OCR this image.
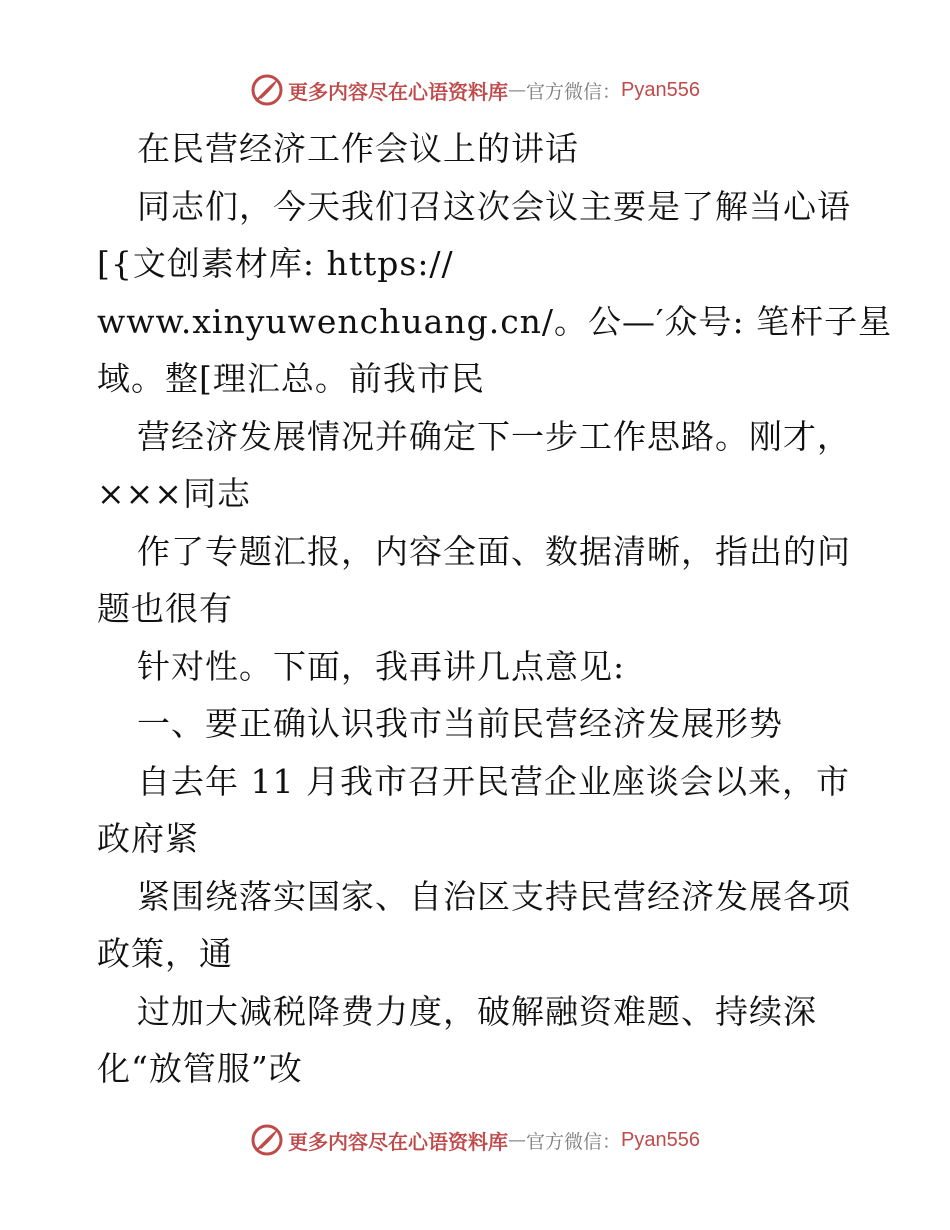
更多内容尽在心语资料库 — 官方微信： Pyan556
在民营经济工作会议上的讲话
同志们，今天我们召这次会议主要是了解当心语
[{文创素材库: https://
www.xinyuwenchuang.cn/。公—′众号: 笔杆子星
域。整[理汇总。前我市民
营经济发展情况并确定下一步工作思路。刚才，
×××同志
作了专题汇报，内容全面、数据清晰，指出的问
题也很有
针对性。下面，我再讲几点意见:
一、要正确认识我市当前民营经济发展形势
自去年 11 月我市召开民营企业座谈会以来，市
政府紧
紧围绕落实国家、自治区支持民营经济发展各项
政策，通
过加大减税降费力度，破解融资难题、持续深
化“放管服”改
更多内容尽在心语资料库 — 官方微信： Pyan556
